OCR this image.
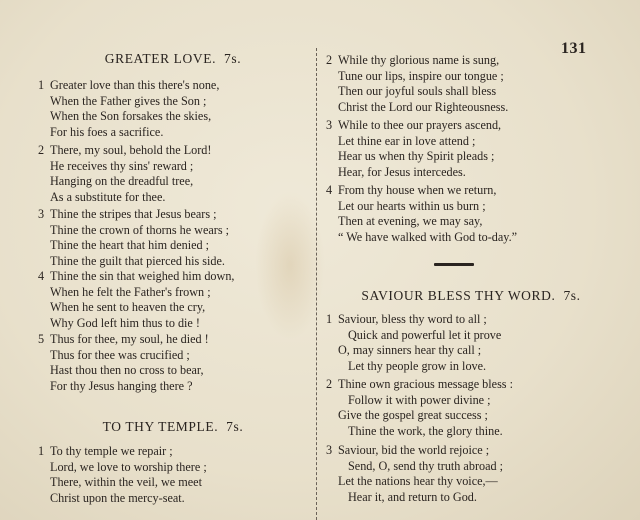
131
GREATER LOVE. 7s.
1 Greater love than this there's none,
When the Father gives the Son ;
When the Son forsakes the skies,
For his foes a sacrifice.
2 There, my soul, behold the Lord!
He receives thy sins' reward ;
Hanging on the dreadful tree,
As a substitute for thee.
3 Thine the stripes that Jesus bears ;
Thine the crown of thorns he wears ;
Thine the heart that him denied ;
Thine the guilt that pierced his side.
4 Thine the sin that weighed him down,
When he felt the Father's frown ;
When he sent to heaven the cry,
Why God left him thus to die !
5 Thus for thee, my soul, he died !
Thus for thee was crucified ;
Hast thou then no cross to bear,
For thy Jesus hanging there ?
TO THY TEMPLE. 7s.
1 To thy temple we repair ;
Lord, we love to worship there ;
There, within the veil, we meet
Christ upon the mercy-seat.
2 While thy glorious name is sung,
Tune our lips, inspire our tongue ;
Then our joyful souls shall bless
Christ the Lord our Righteousness.
3 While to thee our prayers ascend,
Let thine ear in love attend ;
Hear us when thy Spirit pleads ;
Hear, for Jesus intercedes.
4 From thy house when we return,
Let our hearts within us burn ;
Then at evening, we may say,
“ We have walked with God to-day.”
SAVIOUR BLESS THY WORD. 7s.
1 Saviour, bless thy word to all ;
Quick and powerful let it prove
O, may sinners hear thy call ;
Let thy people grow in love.
2 Thine own gracious message bless :
Follow it with power divine ;
Give the gospel great success ;
Thine the work, the glory thine.
3 Saviour, bid the world rejoice ;
Send, O, send thy truth abroad ;
Let the nations hear thy voice,—
Hear it, and return to God.
